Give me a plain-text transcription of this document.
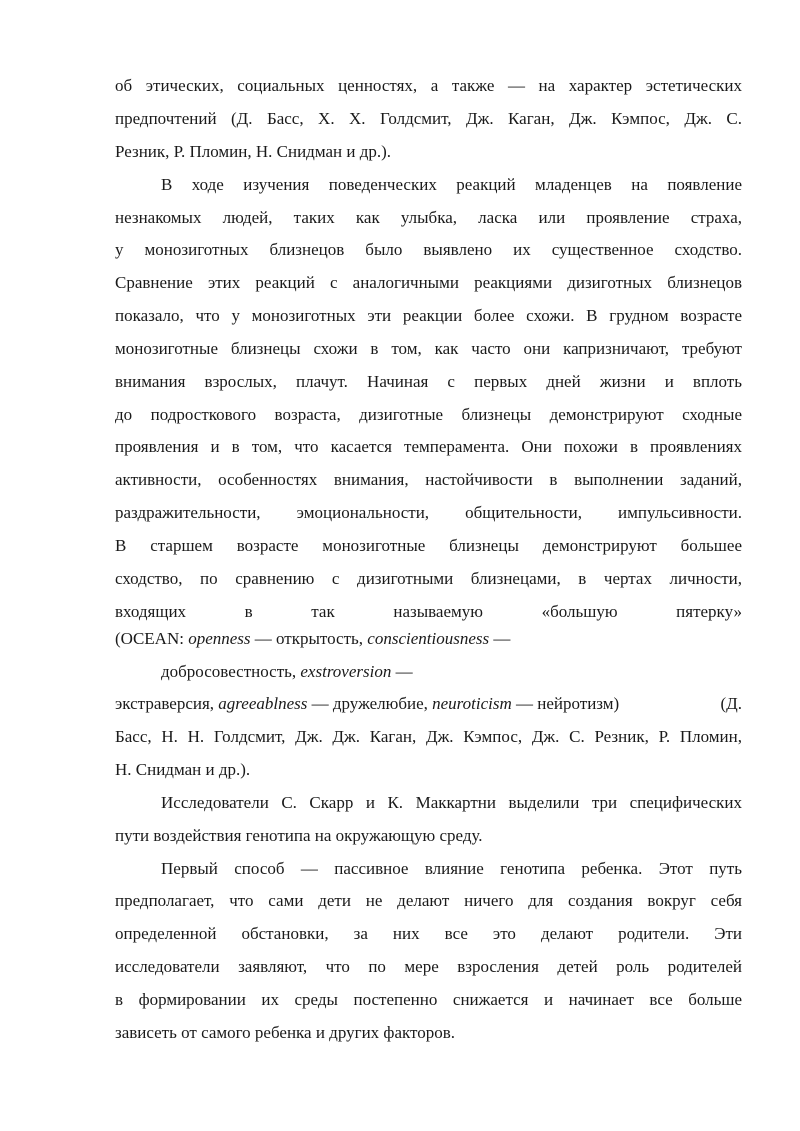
об этических, социальных ценностях, а также — на характер эстетических
предпочтений (Д. Басс, Х. Х. Голдсмит, Дж. Каган, Дж. Кэмпос, Дж. С.
Резник, Р. Пломин, Н. Снидман и др.).
В ходе изучения поведенческих реакций младенцев на появление
незнакомых людей, таких как улыбка, ласка или проявление страха,
у монозиготных близнецов было выявлено их существенное сходство.
Сравнение этих реакций с аналогичными реакциями дизиготных близнецов
показало, что у монозиготных эти реакции более схожи. В грудном возрасте
монозиготные близнецы схожи в том, как часто они капризничают, требуют
внимания взрослых, плачут. Начиная с первых дней жизни и вплоть
до подросткового возраста, дизиготные близнецы демонстрируют сходные
проявления и в том, что касается темперамента. Они похожи в проявлениях
активности, особенностях внимания, настойчивости в выполнении заданий,
раздражительности, эмоциональности, общительности, импульсивности.
В старшем возрасте монозиготные близнецы демонстрируют большее
сходство, по сравнению с дизиготными близнецами, в чертах личности,
входящих в так называемую «большую пятерку»
(OCEAN: openness — открытость, conscientiousness —
добросовестность, exstroversion —
экстраверсия, agreeablness — дружелюбие, neuroticism — нейротизм)	(Д.
Басс, Н. Н. Голдсмит, Дж. Дж. Каган, Дж. Кэмпос, Дж. С. Резник, Р. Пломин,
Н. Снидман и др.).
Исследователи С. Скарр и К. Маккартни выделили три специфических
пути воздействия генотипа на окружающую среду.
Первый способ — пассивное влияние генотипа ребенка. Этот путь
предполагает, что сами дети не делают ничего для создания вокруг себя
определенной обстановки, за них все это делают родители. Эти
исследователи заявляют, что по мере взросления детей роль родителей
в формировании их среды постепенно снижается и начинает все больше
зависеть от самого ребенка и других факторов.
